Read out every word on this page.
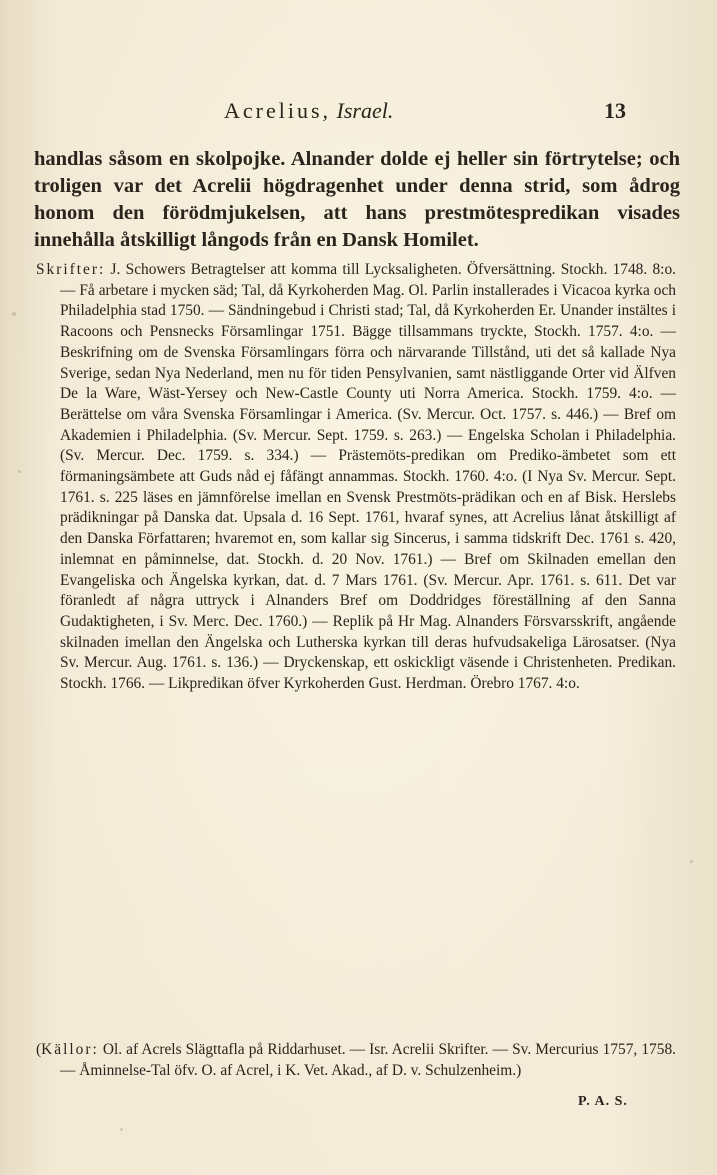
Acrelius, Israel.	13

handlas såsom en skolpojke. Alnander dolde ej heller sin förtrytelse; och troligen var det Acrelii högdragenhet under denna strid, som ådrog honom den förödmjukelsen, att hans prestmötespredikan visades innehålla åtskilligt långods från en Dansk Homilet.

Skrifter: J. Schowers Betragtelser att komma till Lycksaligheten. Öfversättning. Stockh. 1748. 8:o. — Få arbetare i mycken säd; Tal, då Kyrkoherden Mag. Ol. Parlin installerades i Vicacoa kyrka och Philadelphia stad 1750. — Sändningebud i Christi stad; Tal, då Kyrkoherden Er. Unander instältes i Racoons och Pensnecks Församlingar 1751. Bägge tillsammans tryckte, Stockh. 1757. 4:o. — Beskrifning om de Svenska Församlingars förra och närvarande Tillstånd, uti det så kallade Nya Sverige, sedan Nya Nederland, men nu för tiden Pensylvanien, samt nästliggande Orter vid Älfven De la Ware, Wäst-Yersey och New-Castle County uti Norra America. Stockh. 1759. 4:o. — Berättelse om våra Svenska Församlingar i America. (Sv. Mercur. Oct. 1757. s. 446.) — Bref om Akademien i Philadelphia. (Sv. Mercur. Sept. 1759. s. 263.) — Engelska Scholan i Philadelphia. (Sv. Mercur. Dec. 1759. s. 334.) — Prästemöts-predikan om Prediko-ämbetet som ett förmaningsämbete att Guds nåd ej fåfängt annammas. Stockh. 1760. 4:o. (I Nya Sv. Mercur. Sept. 1761. s. 225 läses en jämnförelse imellan en Svensk Prestmöts-prädikan och en af Bisk. Herslebs prädikningar på Danska dat. Upsala d. 16 Sept. 1761, hvaraf synes, att Acrelius lånat åtskilligt af den Danska Författaren; hvaremot en, som kallar sig Sincerus, i samma tidskrift Dec. 1761 s. 420, inlemnat en påminnelse, dat. Stockh. d. 20 Nov. 1761.) — Bref om Skilnaden emellan den Evangeliska och Ängelska kyrkan, dat. d. 7 Mars 1761. (Sv. Mercur. Apr. 1761. s. 611. Det var föranledt af några uttryck i Alnanders Bref om Doddridges föreställning af den Sanna Gudaktigheten, i Sv. Merc. Dec. 1760.) — Replik på Hr Mag. Alnanders Försvarsskrift, angående skilnaden imellan den Ängelska och Lutherska kyrkan till deras hufvudsakeliga Lärosatser. (Nya Sv. Mercur. Aug. 1761. s. 136.) — Dryckenskap, ett oskickligt väsende i Christenheten. Predikan. Stockh. 1766. — Likpredikan öfver Kyrkoherden Gust. Herdman. Örebro 1767. 4:o.

(Källor: Ol. af Acrels Slägttafla på Riddarhuset. — Isr. Acrelii Skrifter. — Sv. Mercurius 1757, 1758. — Åminnelse-Tal öfv. O. af Acrel, i K. Vet. Akad., af D. v. Schulzenheim.)

P. A. S.
